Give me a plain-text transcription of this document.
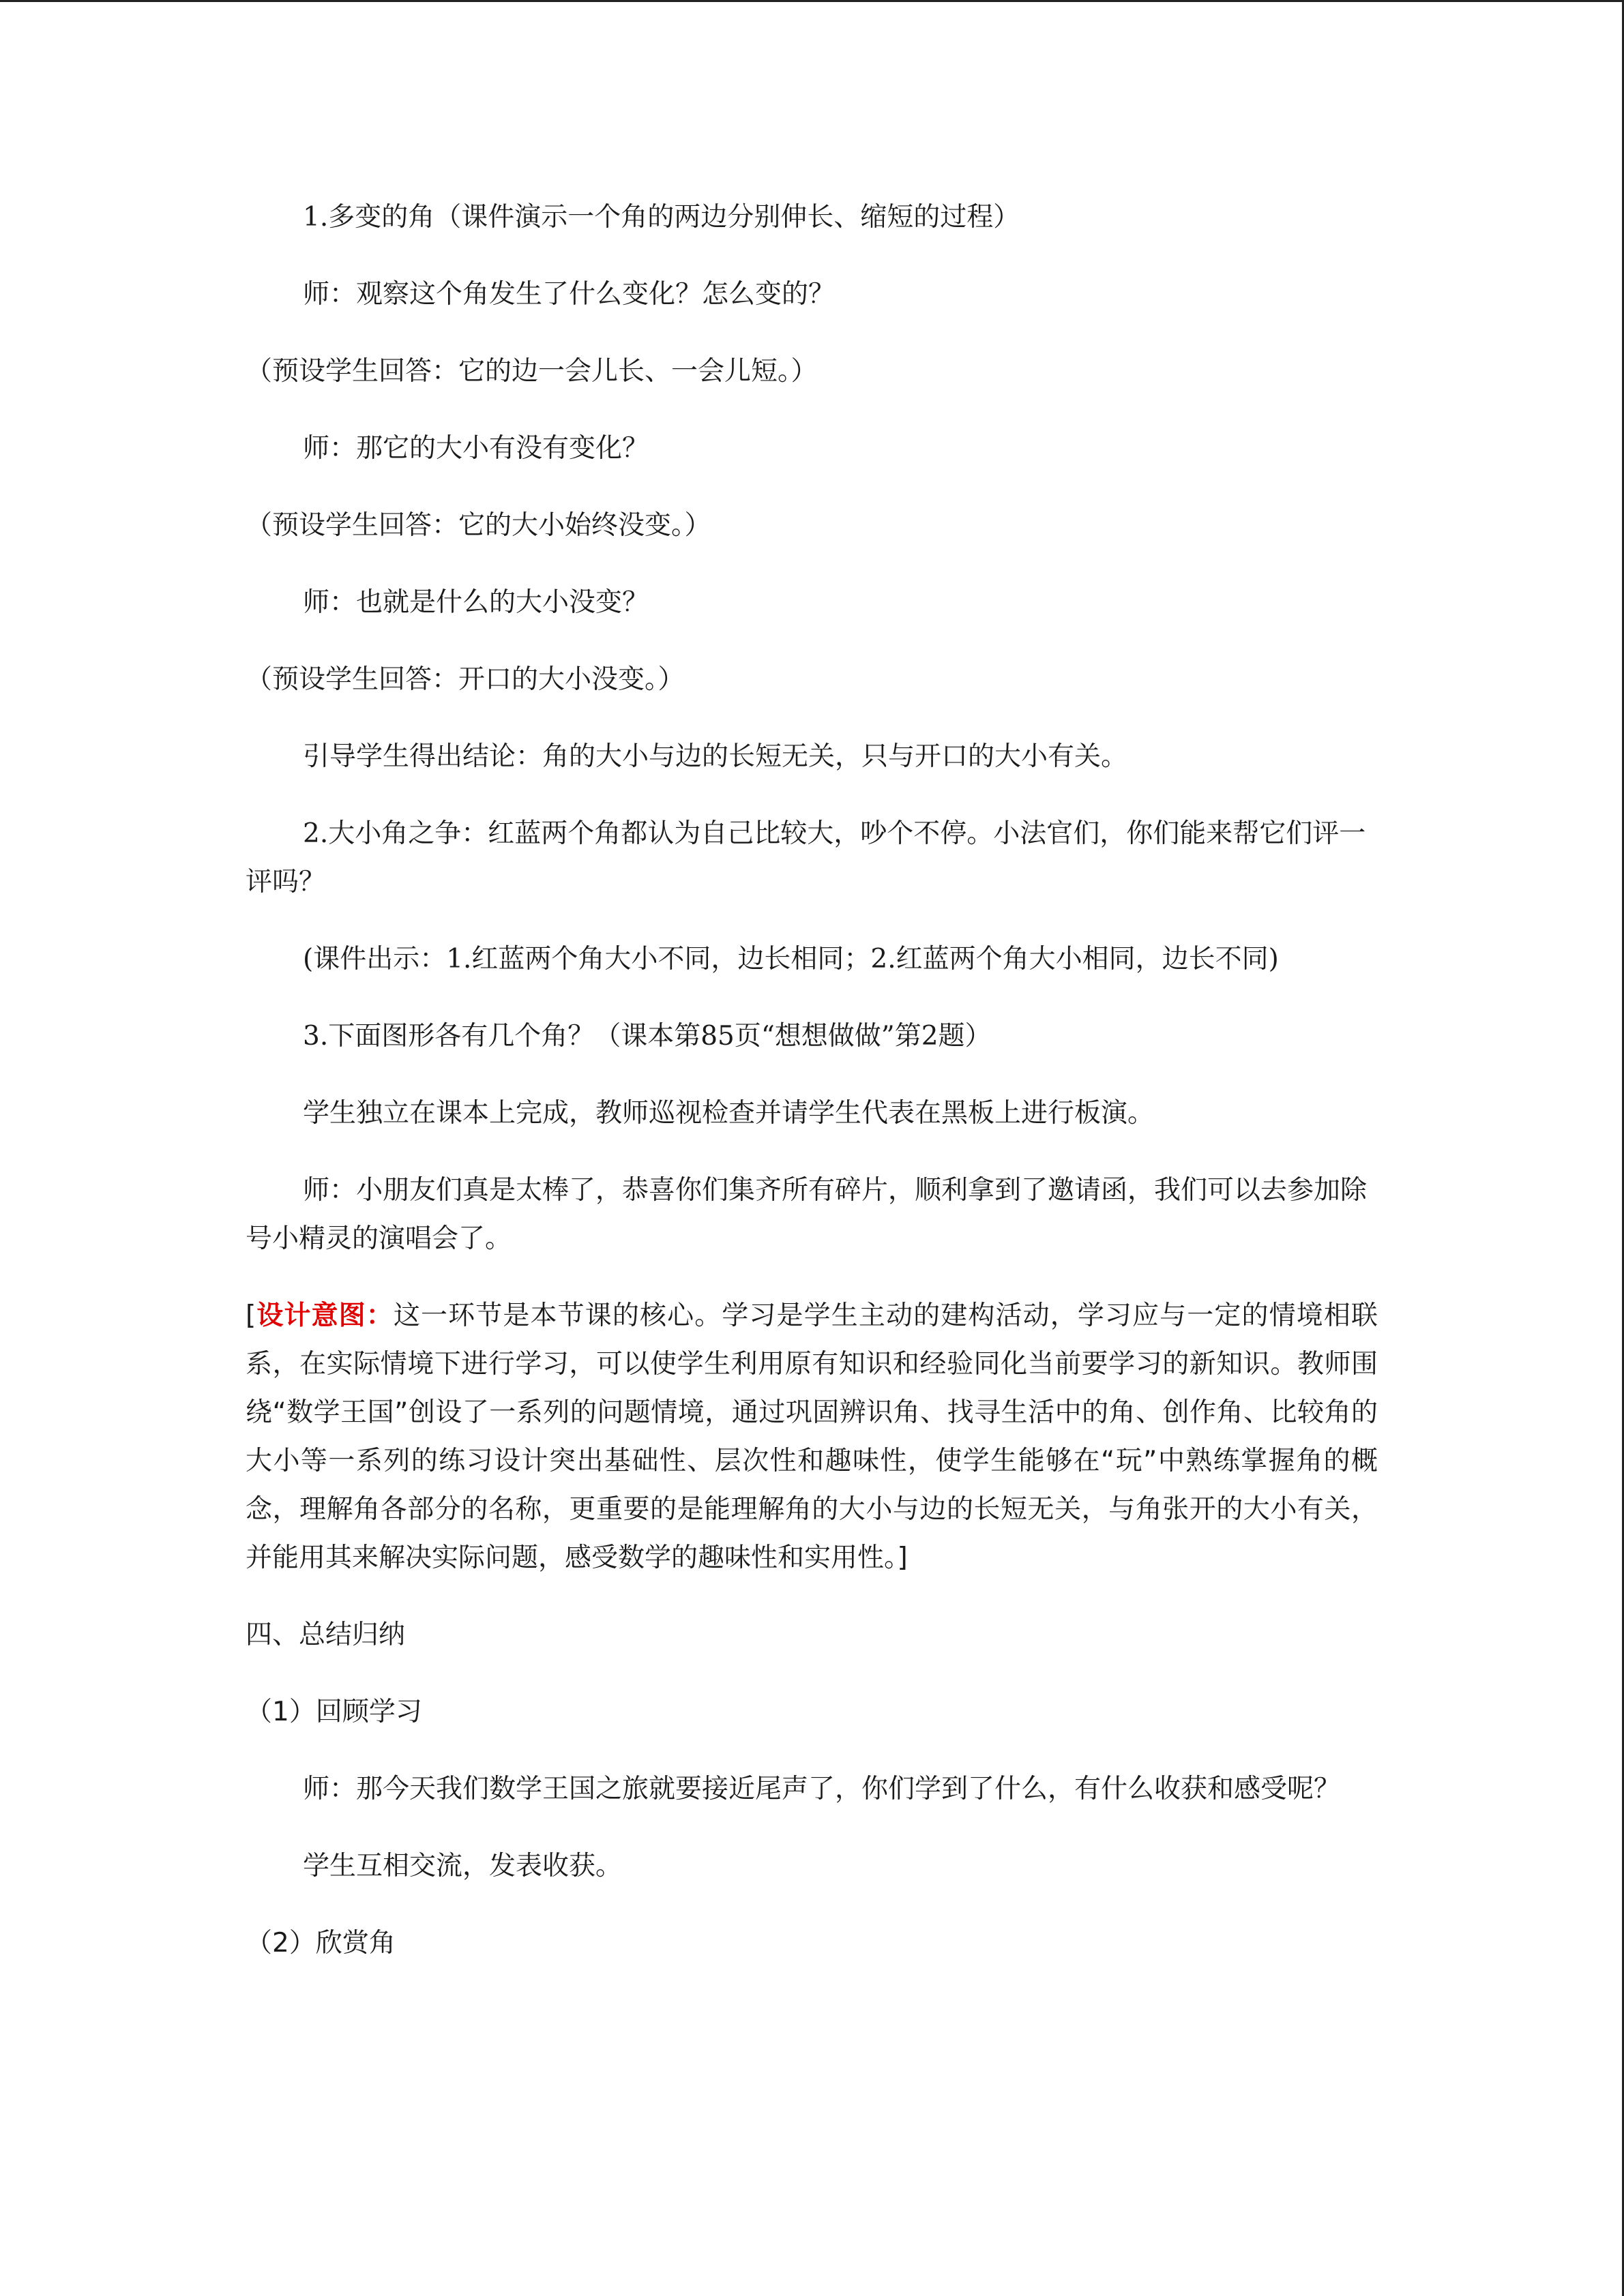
1.多变的角（课件演示一个角的两边分别伸长、缩短的过程）

师：观察这个角发生了什么变化？怎么变的？

（预设学生回答：它的边一会儿长、一会儿短。）

师：那它的大小有没有变化？

（预设学生回答：它的大小始终没变。）

师：也就是什么的大小没变？

（预设学生回答：开口的大小没变。）

引导学生得出结论：角的大小与边的长短无关，只与开口的大小有关。

2.大小角之争：红蓝两个角都认为自己比较大，吵个不停。小法官们，你们能来帮它们评一评吗？

(课件出示：1.红蓝两个角大小不同，边长相同；2.红蓝两个角大小相同，边长不同)

3.下面图形各有几个角？（课本第85页“想想做做”第2题）

学生独立在课本上完成，教师巡视检查并请学生代表在黑板上进行板演。

师：小朋友们真是太棒了，恭喜你们集齐所有碎片，顺利拿到了邀请函，我们可以去参加除号小精灵的演唱会了。

[设计意图：这一环节是本节课的核心。学习是学生主动的建构活动，学习应与一定的情境相联系，在实际情境下进行学习，可以使学生利用原有知识和经验同化当前要学习的新知识。教师围绕“数学王国”创设了一系列的问题情境，通过巩固辨识角、找寻生活中的角、创作角、比较角的大小等一系列的练习设计突出基础性、层次性和趣味性，使学生能够在“玩”中熟练掌握角的概念，理解角各部分的名称，更重要的是能理解角的大小与边的长短无关，与角张开的大小有关，并能用其来解决实际问题，感受数学的趣味性和实用性。]

四、总结归纳

（1）回顾学习

师：那今天我们数学王国之旅就要接近尾声了，你们学到了什么，有什么收获和感受呢？

学生互相交流，发表收获。

（2）欣赏角
